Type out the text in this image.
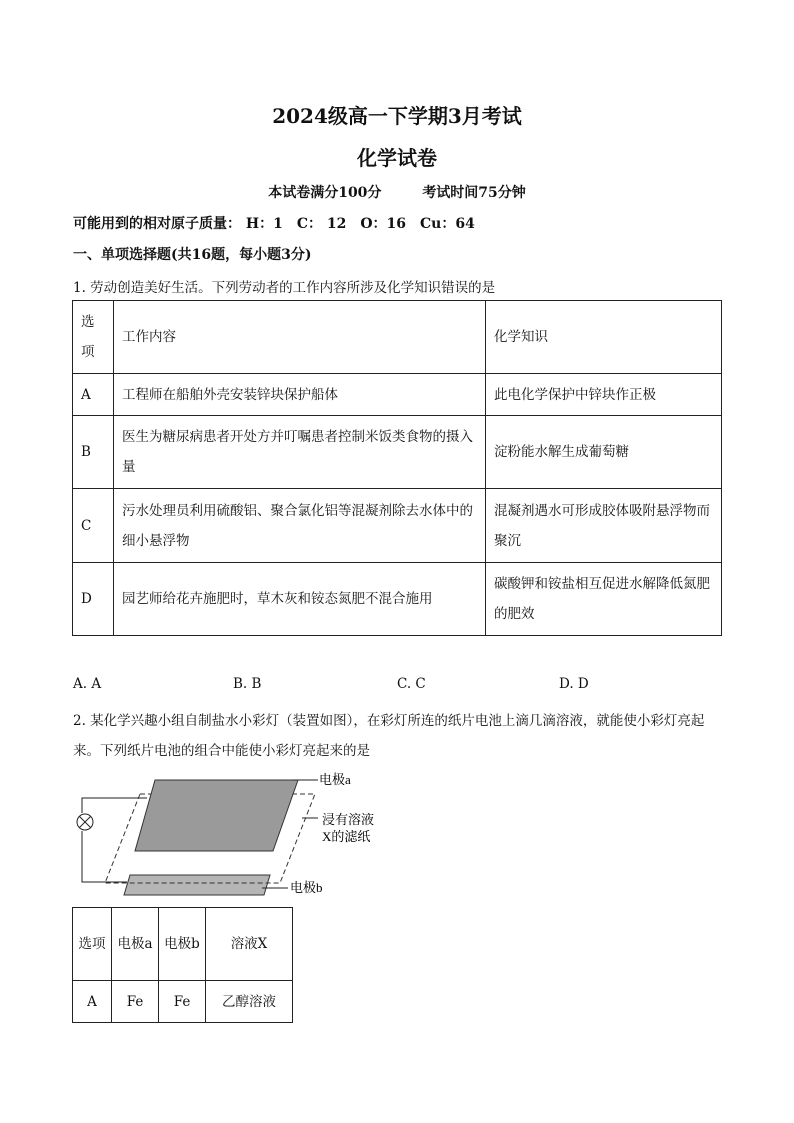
2024级高一下学期3月考试
化学试卷
本试卷满分100分	考试时间75分钟
可能用到的相对原子质量： H：1　C： 12　O：16　Cu：64
一、单项选择题(共16题，每小题3分)
1. 劳动创造美好生活。下列劳动者的工作内容所涉及化学知识错误的是
选项	工作内容	化学知识
A	工程师在船舶外壳安装锌块保护船体	此电化学保护中锌块作正极
B	医生为糖尿病患者开处方并叮嘱患者控制米饭类食物的摄入量	淀粉能水解生成葡萄糖
C	污水处理员利用硫酸铝、聚合氯化铝等混凝剂除去水体中的细小悬浮物	混凝剂遇水可形成胶体吸附悬浮物而聚沉
D	园艺师给花卉施肥时，草木灰和铵态氮肥不混合施用	碳酸钾和铵盐相互促进水解降低氮肥的肥效
A. A	B. B	C. C	D. D
2. 某化学兴趣小组自制盐水小彩灯（装置如图），在彩灯所连的纸片电池上滴几滴溶液，就能使小彩灯亮起来。下列纸片电池的组合中能使小彩灯亮起来的是
电极a
浸有溶液
X的滤纸
电极b
选项	电极a	电极b	溶液X
A	Fe	Fe	乙醇溶液
